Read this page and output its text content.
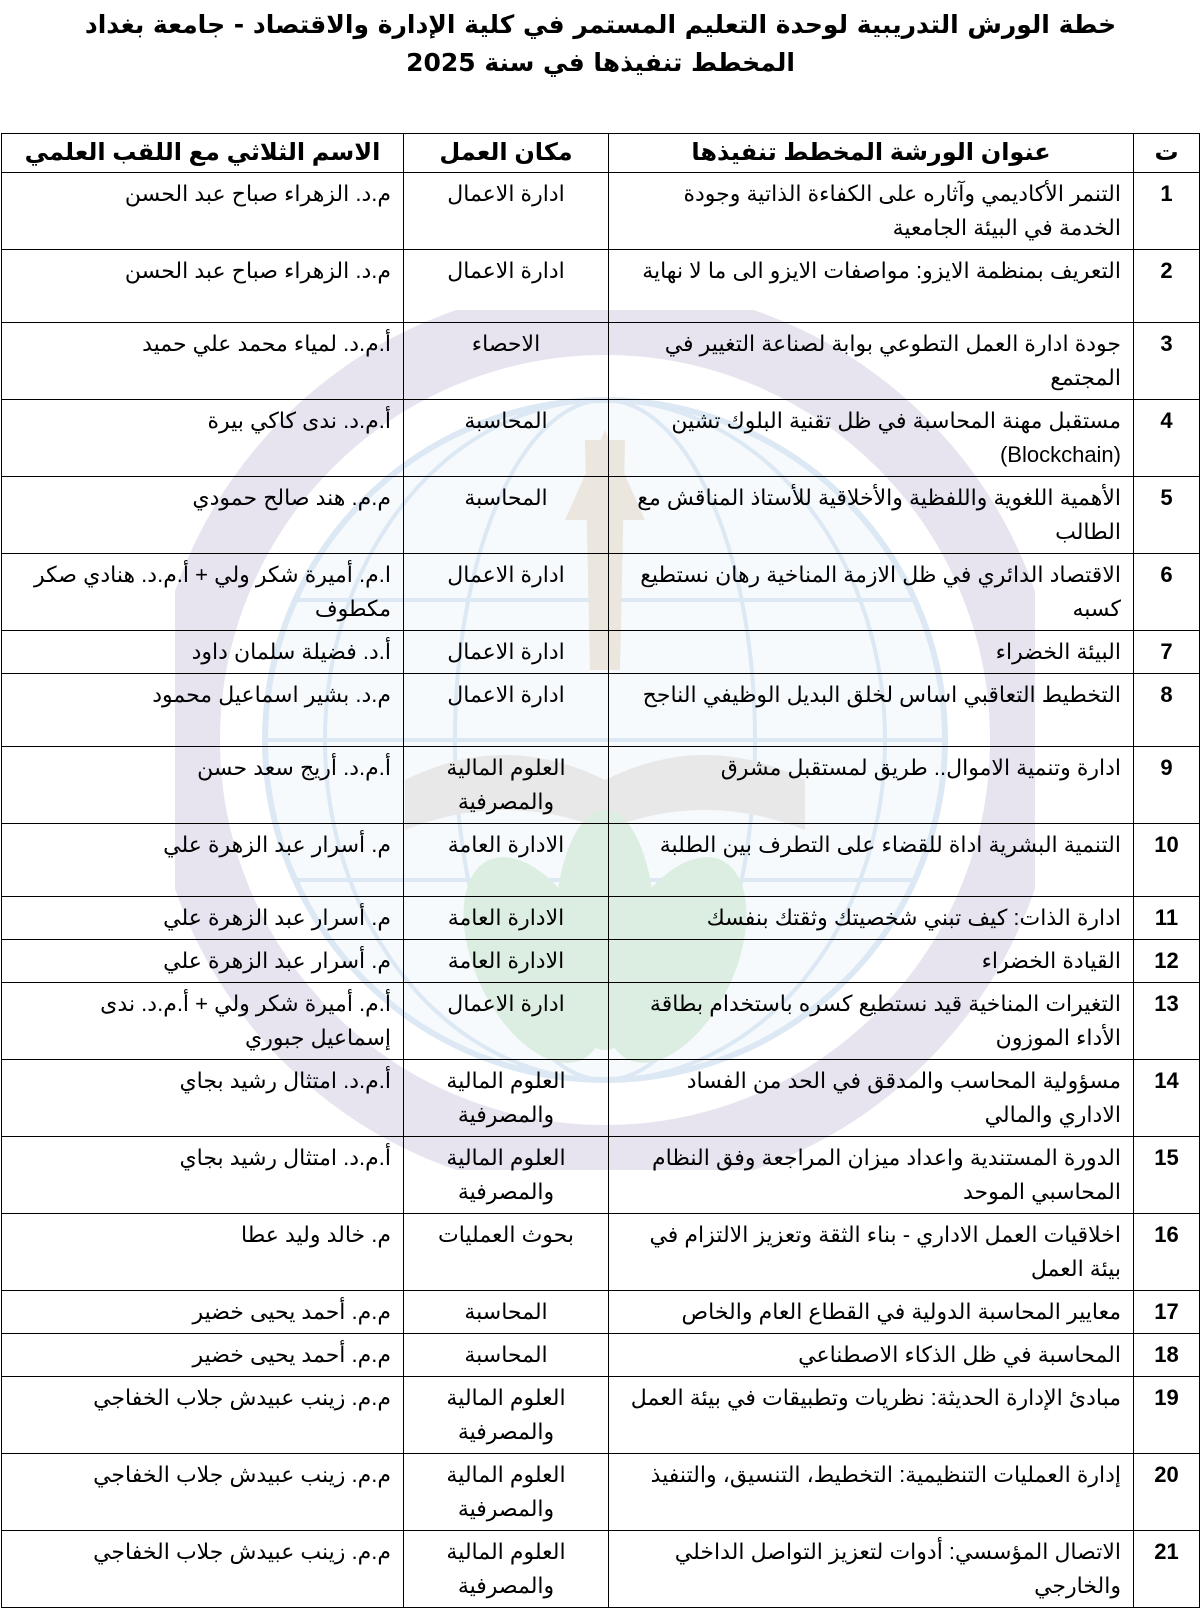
خطة الورش التدريبية لوحدة التعليم المستمر في كلية الإدارة والاقتصاد - جامعة بغداد
المخطط تنفيذها في سنة 2025
ت	عنوان الورشة المخطط تنفيذها	مكان العمل	الاسم الثلاثي مع اللقب العلمي
1	التنمر الأكاديمي وآثاره على الكفاءة الذاتية وجودة الخدمة في البيئة الجامعية	ادارة الاعمال	م.د. الزهراء صباح عبد الحسن
2	التعريف بمنظمة الايزو: مواصفات الايزو الى ما لا نهاية	ادارة الاعمال	م.د. الزهراء صباح عبد الحسن
3	جودة ادارة العمل التطوعي بوابة لصناعة التغيير في المجتمع	الاحصاء	أ.م.د. لمياء محمد علي حميد
4	مستقبل مهنة المحاسبة في ظل تقنية البلوك تشين (Blockchain)	المحاسبة	أ.م.د. ندى كاكي بيرة
5	الأهمية اللغوية واللفظية والأخلاقية للأستاذ المناقش مع الطالب	المحاسبة	م.م. هند صالح حمودي
6	الاقتصاد الدائري في ظل الازمة المناخية رهان نستطيع كسبه	ادارة الاعمال	ا.م. أميرة شكر ولي + أ.م.د. هنادي صكر مكطوف
7	البيئة الخضراء	ادارة الاعمال	أ.د. فضيلة سلمان داود
8	التخطيط التعاقبي اساس لخلق البديل الوظيفي الناجح	ادارة الاعمال	م.د. بشير اسماعيل محمود
9	ادارة وتنمية الاموال.. طريق لمستقبل مشرق	العلوم المالية والمصرفية	أ.م.د. أريج سعد حسن
10	التنمية البشرية اداة للقضاء على التطرف بين الطلبة	الادارة العامة	م. أسرار عبد الزهرة علي
11	ادارة الذات: كيف تبني شخصيتك وثقتك بنفسك	الادارة العامة	م. أسرار عبد الزهرة علي
12	القيادة الخضراء	الادارة العامة	م. أسرار عبد الزهرة علي
13	التغيرات المناخية قيد نستطيع كسره باستخدام بطاقة الأداء الموزون	ادارة الاعمال	أ.م. أميرة شكر ولي + أ.م.د. ندى إسماعيل جبوري
14	مسؤولية المحاسب والمدقق في الحد من الفساد الاداري والمالي	العلوم المالية والمصرفية	أ.م.د. امتثال رشيد بجاي
15	الدورة المستندية واعداد ميزان المراجعة وفق النظام المحاسبي الموحد	العلوم المالية والمصرفية	أ.م.د. امتثال رشيد بجاي
16	اخلاقيات العمل الاداري - بناء الثقة وتعزيز الالتزام في بيئة العمل	بحوث العمليات	م. خالد وليد عطا
17	معايير المحاسبة الدولية في القطاع العام والخاص	المحاسبة	م.م. أحمد يحيى خضير
18	المحاسبة في ظل الذكاء الاصطناعي	المحاسبة	م.م. أحمد يحيى خضير
19	مبادئ الإدارة الحديثة: نظريات وتطبيقات في بيئة العمل	العلوم المالية والمصرفية	م.م. زينب عبيدش جلاب الخفاجي
20	إدارة العمليات التنظيمية: التخطيط، التنسيق، والتنفيذ	العلوم المالية والمصرفية	م.م. زينب عبيدش جلاب الخفاجي
21	الاتصال المؤسسي: أدوات لتعزيز التواصل الداخلي والخارجي	العلوم المالية والمصرفية	م.م. زينب عبيدش جلاب الخفاجي
